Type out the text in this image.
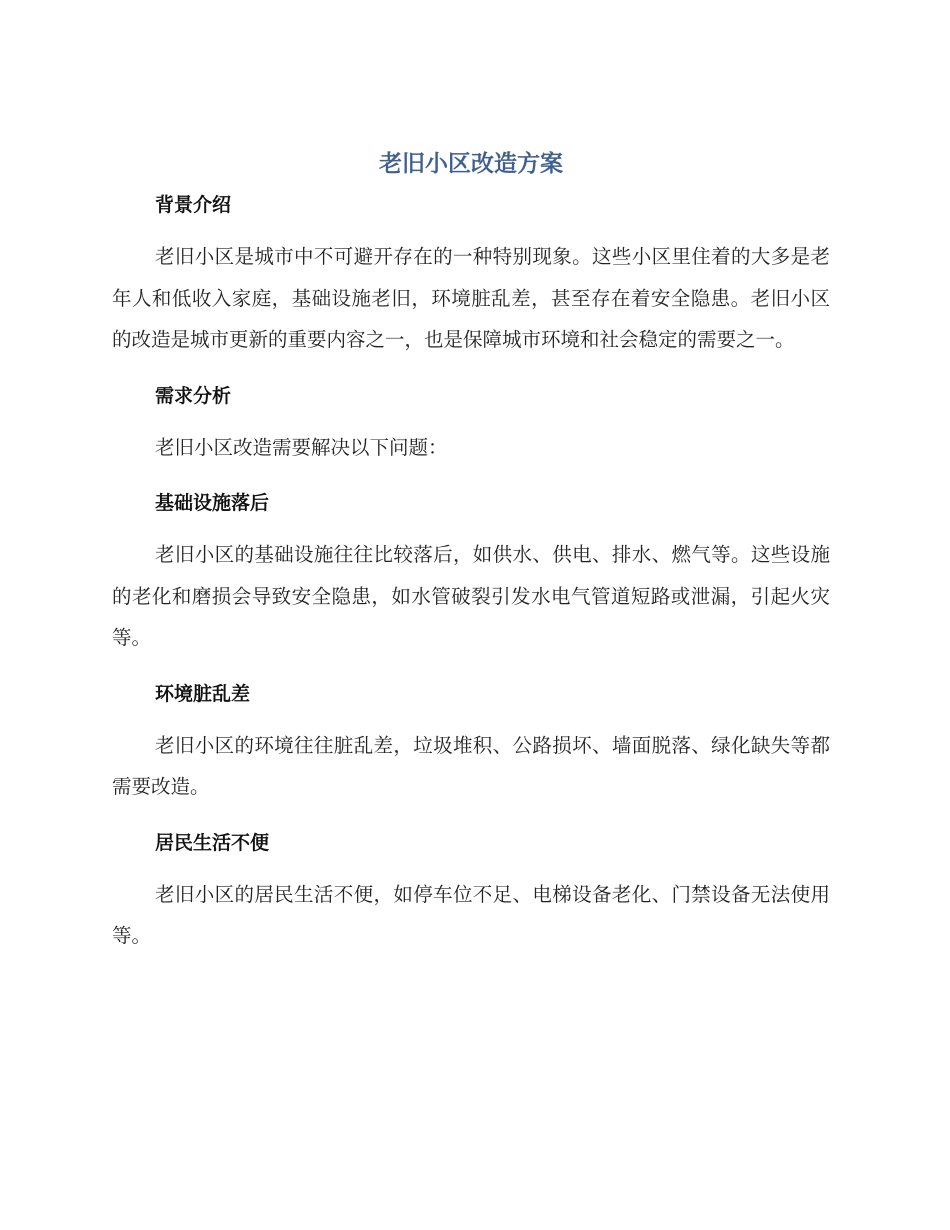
老旧小区改造方案
背景介绍

老旧小区是城市中不可避开存在的一种特别现象。这些小区里住着的大多是老年人和低收入家庭，基础设施老旧，环境脏乱差，甚至存在着安全隐患。老旧小区的改造是城市更新的重要内容之一，也是保障城市环境和社会稳定的需要之一。

需求分析

老旧小区改造需要解决以下问题：

基础设施落后

老旧小区的基础设施往往比较落后，如供水、供电、排水、燃气等。这些设施的老化和磨损会导致安全隐患，如水管破裂引发水电气管道短路或泄漏，引起火灾等。

环境脏乱差

老旧小区的环境往往脏乱差，垃圾堆积、公路损坏、墙面脱落、绿化缺失等都需要改造。

居民生活不便

老旧小区的居民生活不便，如停车位不足、电梯设备老化、门禁设备无法使用等。
